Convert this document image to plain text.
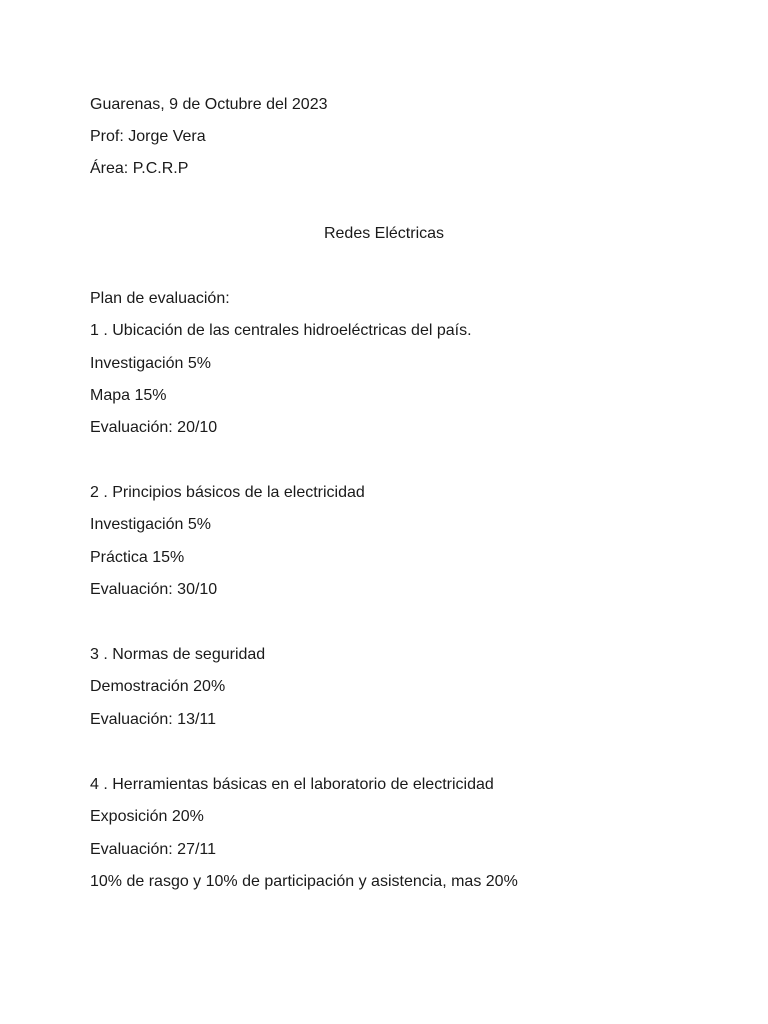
Guarenas, 9 de Octubre del 2023
Prof: Jorge Vera
Área: P.C.R.P
Redes Eléctricas
Plan de evaluación:
1 . Ubicación de las centrales hidroeléctricas del país.
Investigación 5%
Mapa 15%
Evaluación: 20/10
2 . Principios básicos de la electricidad
Investigación 5%
Práctica 15%
Evaluación: 30/10
3 . Normas de seguridad
Demostración 20%
Evaluación: 13/11
4 . Herramientas básicas en el laboratorio de electricidad
Exposición 20%
Evaluación: 27/11
10% de rasgo y 10% de participación y asistencia, mas 20%
